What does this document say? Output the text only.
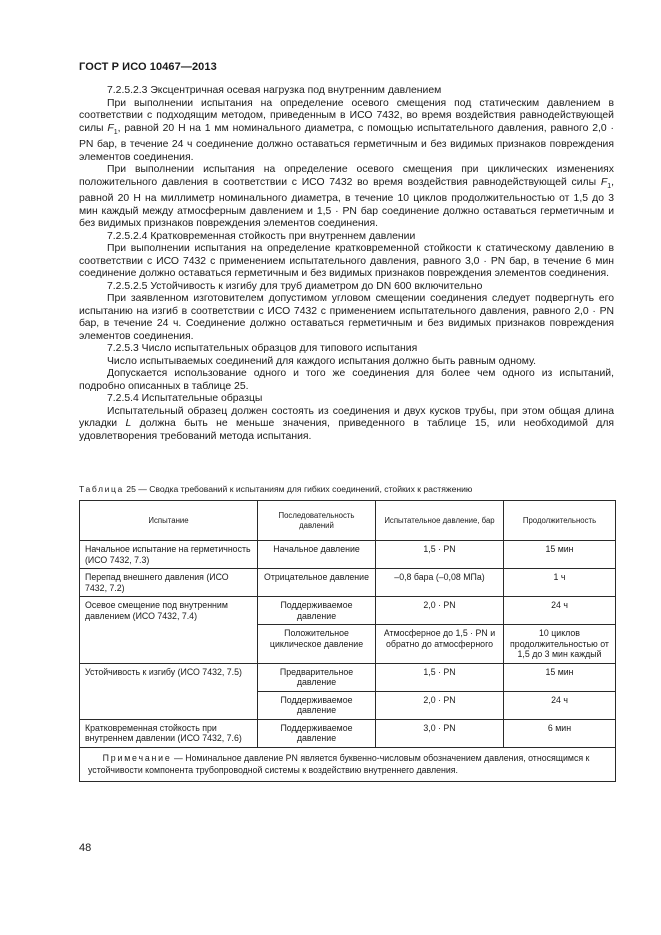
ГОСТ Р ИСО 10467—2013

7.2.5.2.3 Эксцентричная осевая нагрузка под внутренним давлением

При выполнении испытания на определение осевого смещения под статическим давлением в соответствии с подходящим методом, приведенным в ИСО 7432, во время воздействия равнодействующей силы $F_1$, равной 20 Н на 1 мм номинального диаметра, с помощью испытательного давления, равного 2,0 · PN бар, в течение 24 ч соединение должно оставаться герметичным и без видимых признаков повреждения элементов соединения.

При выполнении испытания на определение осевого смещения при циклических изменениях положительного давления в соответствии с ИСО 7432 во время воздействия равнодействующей силы $F_1$, равной 20 Н на миллиметр номинального диаметра, в течение 10 циклов продолжительностью от 1,5 до 3 мин каждый между атмосферным давлением и 1,5 · PN бар соединение должно оставаться герметичным и без видимых признаков повреждения элементов соединения.

7.2.5.2.4 Кратковременная стойкость при внутреннем давлении

При выполнении испытания на определение кратковременной стойкости к статическому давлению в соответствии с ИСО 7432 с применением испытательного давления, равного 3,0 · PN бар, в течение 6 мин соединение должно оставаться герметичным и без видимых признаков повреждения элементов соединения.

7.2.5.2.5 Устойчивость к изгибу для труб диаметром до DN 600 включительно

При заявленном изготовителем допустимом угловом смещении соединения следует подвергнуть его испытанию на изгиб в соответствии с ИСО 7432 с применением испытательного давления, равного 2,0 · PN бар, в течение 24 ч. Соединение должно оставаться герметичным и без видимых признаков повреждения элементов соединения.

7.2.5.3 Число испытательных образцов для типового испытания

Число испытываемых соединений для каждого испытания должно быть равным одному.

Допускается использование одного и того же соединения для более чем одного из испытаний, подробно описанных в таблице 25.

7.2.5.4 Испытательные образцы

Испытательный образец должен состоять из соединения и двух кусков трубы, при этом общая длина укладки L должна быть не меньше значения, приведенного в таблице 15, или необходимой для удовлетворения требований метода испытания.

Таблица 25 — Сводка требований к испытаниям для гибких соединений, стойких к растяжению
Испытание	Последовательность давлений	Испытательное давление, бар	Продолжительность
Начальное испытание на герметичность (ИСО 7432, 7.3)	Начальное давление	1,5 · PN	15 мин
Перепад внешнего давления (ИСО 7432, 7.2)	Отрицательное давление	–0,8 бара (–0,08 МПа)	1 ч
Осевое смещение под внутренним давлением (ИСО 7432, 7.4)	Поддерживаемое давление	2,0 · PN	24 ч
	Положительное циклическое давление	Атмосферное до 1,5 · PN и обратно до атмосферного	10 циклов продолжительностью от 1,5 до 3 мин каждый
Устойчивость к изгибу (ИСО 7432, 7.5)	Предварительное давление	1,5 · PN	15 мин
	Поддерживаемое давление	2,0 · PN	24 ч
Кратковременная стойкость при внутреннем давлении (ИСО 7432, 7.6)	Поддерживаемое давление	3,0 · PN	6 мин
Примечание — Номинальное давление PN является буквенно-числовым обозначением давления, относящимся к устойчивости компонента трубопроводной системы к воздействию внутреннего давления.			
48
